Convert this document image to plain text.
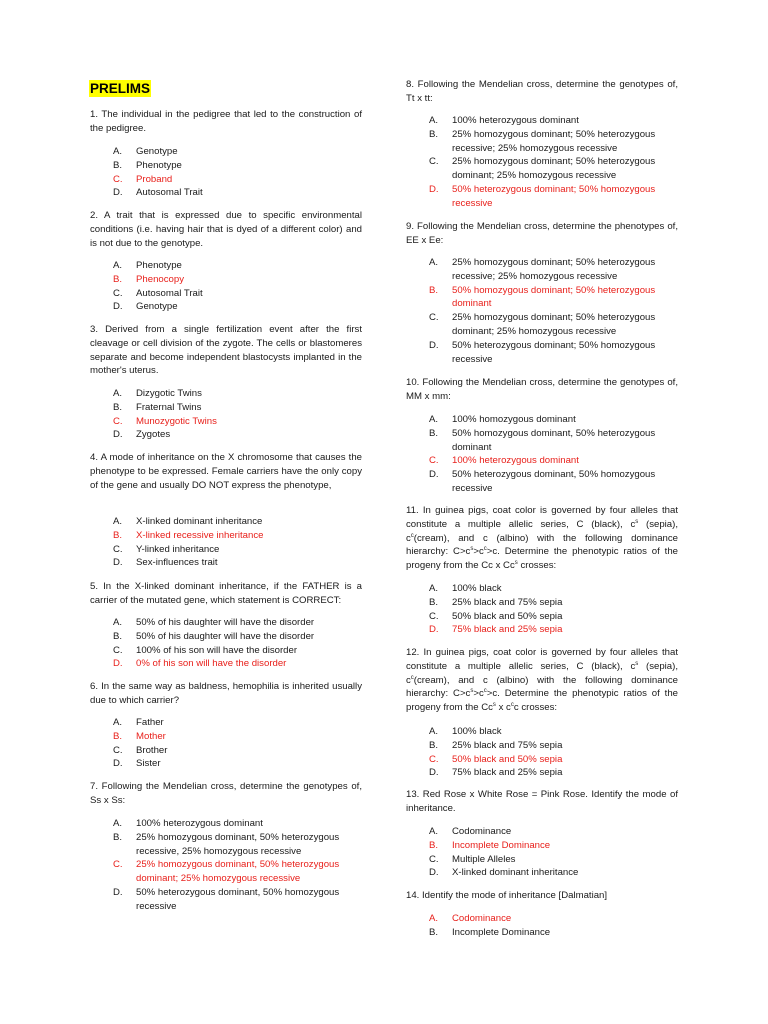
PRELIMS
1. The individual in the pedigree that led to the construction of the pedigree.
A. Genotype
B. Phenotype
C. Proband
D. Autosomal Trait
2. A trait that is expressed due to specific environmental conditions (i.e. having hair that is dyed of a different color) and is not due to the genotype.
A. Phenotype
B. Phenocopy
C. Autosomal Trait
D. Genotype
3. Derived from a single fertilization event after the first cleavage or cell division of the zygote. The cells or blastomeres separate and become independent blastocysts implanted in the mother's uterus.
A. Dizygotic Twins
B. Fraternal Twins
C. Munozygotic Twins
D. Zygotes
4. A mode of inheritance on the X chromosome that causes the phenotype to be expressed. Female carriers have the only copy of the gene and usually DO NOT express the phenotype,
A. X-linked dominant inheritance
B. X-linked recessive inheritance
C. Y-linked inheritance
D. Sex-influences trait
5. In the X-linked dominant inheritance, if the FATHER is a carrier of the mutated gene, which statement is CORRECT:
A. 50% of his daughter will have the disorder
B. 50% of his daughter will have the disorder
C. 100% of his son will have the disorder
D. 0% of his son will have the disorder
6. In the same way as baldness, hemophilia is inherited usually due to which carrier?
A. Father
B. Mother
C. Brother
D. Sister
7. Following the Mendelian cross, determine the genotypes of, Ss x Ss:
A. 100% heterozygous dominant
B. 25% homozygous dominant, 50% heterozygous recessive, 25% homozygous recessive
C. 25% homozygous dominant, 50% heterozygous dominant; 25% homozygous recessive
D. 50% heterozygous dominant, 50% homozygous recessive
8. Following the Mendelian cross, determine the genotypes of, Tt x tt:
A. 100% heterozygous dominant
B. 25% homozygous dominant; 50% heterozygous recessive; 25% homozygous recessive
C. 25% homozygous dominant; 50% heterozygous dominant; 25% homozygous recessive
D. 50% heterozygous dominant; 50% homozygous recessive
9. Following the Mendelian cross, determine the phenotypes of, EE x Ee:
A. 25% homozygous dominant; 50% heterozygous recessive; 25% homozygous recessive
B. 50% homozygous dominant; 50% heterozygous dominant
C. 25% homozygous dominant; 50% heterozygous dominant; 25% homozygous recessive
D. 50% heterozygous dominant; 50% homozygous recessive
10. Following the Mendelian cross, determine the genotypes of, MM x mm:
A. 100% homozygous dominant
B. 50% homozygous dominant, 50% heterozygous dominant
C. 100% heterozygous dominant
D. 50% heterozygous dominant, 50% homozygous recessive
11. In guinea pigs, coat color is governed by four alleles that constitute a multiple allelic series, C (black), $c^s$ (sepia), $c^c(cream)$, and c (albino) with the following dominance hierarchy: $C>c^s>c^c>c$. Determine the phenotypic ratios of the progeny from the Cc x Cc$^s$ crosses:
A. 100% black
B. 25% black and 75% sepia
C. 50% black and 50% sepia
D. 75% black and 25% sepia
12. In guinea pigs, coat color is governed by four alleles that constitute a multiple allelic series, C (black), $c^s$ (sepia), $c^c(cream)$, and c (albino) with the following dominance hierarchy: $C>c^s>c^c>c$. Determine the phenotypic ratios of the progeny from the Cc$^s$ x $c^cc$ crosses:
A. 100% black
B. 25% black and 75% sepia
C. 50% black and 50% sepia
D. 75% black and 25% sepia
13. Red Rose x White Rose = Pink Rose. Identify the mode of inheritance.
A. Codominance
B. Incomplete Dominance
C. Multiple Alleles
D. X-linked dominant inheritance
14. Identify the mode of inheritance [Dalmatian]
A. Codominance
B. Incomplete Dominance
